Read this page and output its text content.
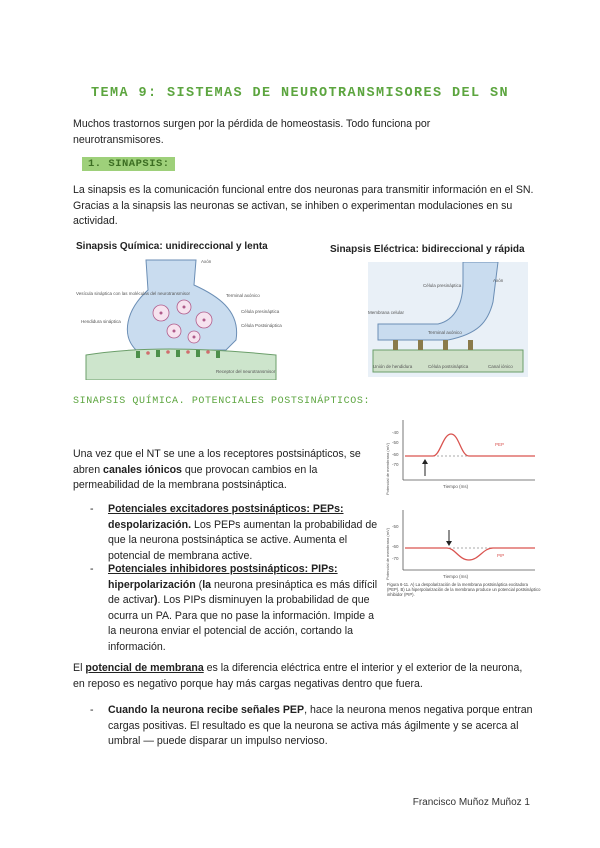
TEMA 9: SISTEMAS DE NEUROTRANSMISORES DEL SN
Muchos trastornos surgen por la pérdida de homeostasis. Todo funciona por neurotransmisores.
1. SINAPSIS:
La sinapsis es la comunicación funcional entre dos neuronas para transmitir información en el SN. Gracias a la sinapsis las neuronas se activan, se inhiben o experimentan modulaciones en su actividad.
Sinapsis Química: unidireccional y lenta
Axón
Vesícula sináptica con las moléculas del neurotransmisor	Terminal axónico
Célula presináptica
Hendidura sináptica
Célula Postsináptica
Receptor del neurotransmisor
Sinapsis Eléctrica: bidireccional y rápida
Célula presináptica
Axón
Membrana celular
Terminal axónico
Unión de hendidura	Célula postsináptica	Canal iónico
SINAPSIS QUÍMICA. POTENCIALES POSTSINÁPTICOS:
Una vez que el NT se une a los receptores postsinápticos, se abren canales iónicos que provocan cambios en la permeabilidad de la membrana postsináptica.
-	Potenciales excitadores postsinápticos: PEPs: despolarización. Los PEPs aumentan la probabilidad de que la neurona postsináptica se active. Aumenta el potencial de membrana active.
-	Potenciales inhibidores postsinápticos: PIPs: hiperpolarización (la neurona presináptica es más difícil de activar). Los PIPs disminuyen la probabilidad de que ocurra un PA. Para que no pase la información. Impide a la neurona enviar el potencial de acción, cortando la información.
Potencial de membrana (mV)
-40
-50
-60
-70
PEP
Tiempo (ms)
Potencial de membrana (mV)
-50
-60
-70
PIP
Tiempo (ms)
Figura 6-11. A) La despolarización de la membrana postsináptica excitadora (PEP). B) La hiperpolarización de la membrana produce un potencial postsináptico inhibidor (PIP).
El potencial de membrana es la diferencia eléctrica entre el interior y el exterior de la neurona, en reposo es negativo porque hay más cargas negativas dentro que fuera.
-	Cuando la neurona recibe señales PEP, hace la neurona menos negativa porque entran cargas positivas. El resultado es que la neurona se activa más ágilmente y se acerca al umbral — puede disparar un impulso nervioso.
Francisco Muñoz Muñoz 1
